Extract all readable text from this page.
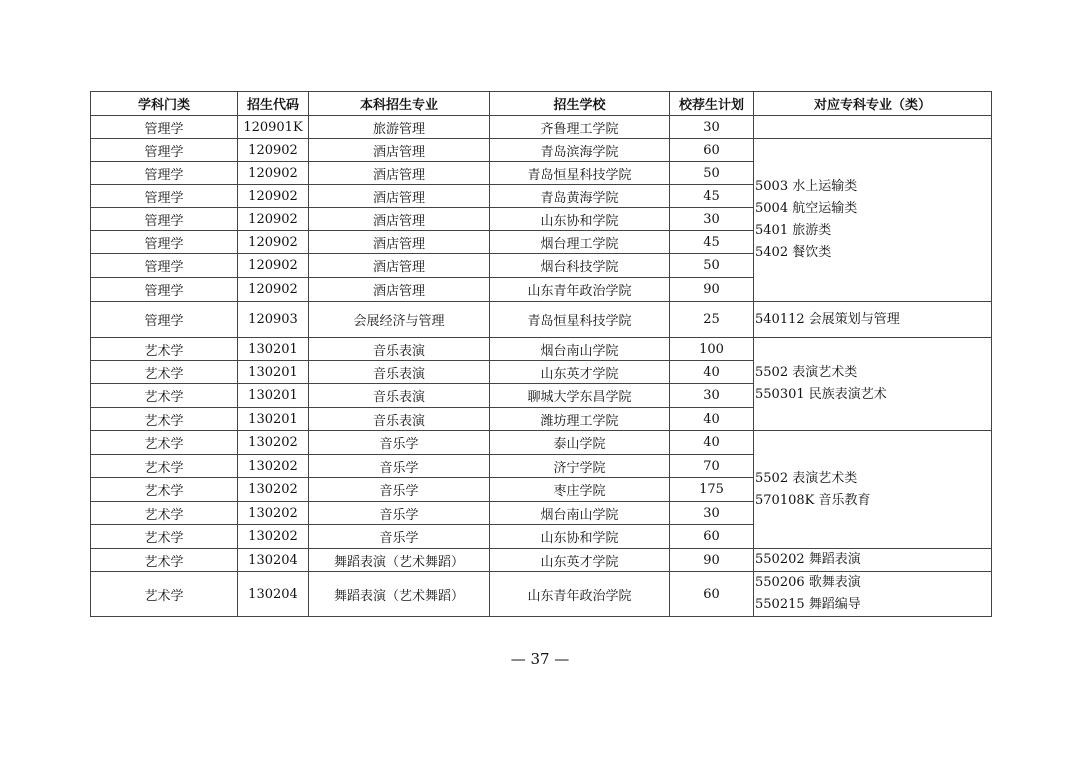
学科门类	招生代码	本科招生专业	招生学校	校荐生计划	对应专科专业（类）
管理学	120901K	旅游管理	齐鲁理工学院	30	
管理学	120902	酒店管理	青岛滨海学院	60	5003 水上运输类
5004 航空运输类
5401 旅游类
5402 餐饮类

管理学	120902	酒店管理	青岛恒星科技学院	50	
管理学	120902	酒店管理	青岛黄海学院	45	
管理学	120902	酒店管理	山东协和学院	30	
管理学	120902	酒店管理	烟台理工学院	45	
管理学	120902	酒店管理	烟台科技学院	50	
管理学	120902	酒店管理	山东青年政治学院	90	
管理学	120903	会展经济与管理	青岛恒星科技学院	25	540112 会展策划与管理

艺术学	130201	音乐表演	烟台南山学院	100	5502 表演艺术类
550301 民族表演艺术

艺术学	130201	音乐表演	山东英才学院	40	
艺术学	130201	音乐表演	聊城大学东昌学院	30	
艺术学	130201	音乐表演	潍坊理工学院	40	
艺术学	130202	音乐学	泰山学院	40	5502 表演艺术类
570108K 音乐教育

艺术学	130202	音乐学	济宁学院	70	
艺术学	130202	音乐学	枣庄学院	175	
艺术学	130202	音乐学	烟台南山学院	30	
艺术学	130202	音乐学	山东协和学院	60	
艺术学	130204	舞蹈表演（艺术舞蹈）	山东英才学院	90	550202 舞蹈表演

艺术学	130204	舞蹈表演（艺术舞蹈）	山东青年政治学院	60	550206 歌舞表演
550215 舞蹈编导
— 37 —
